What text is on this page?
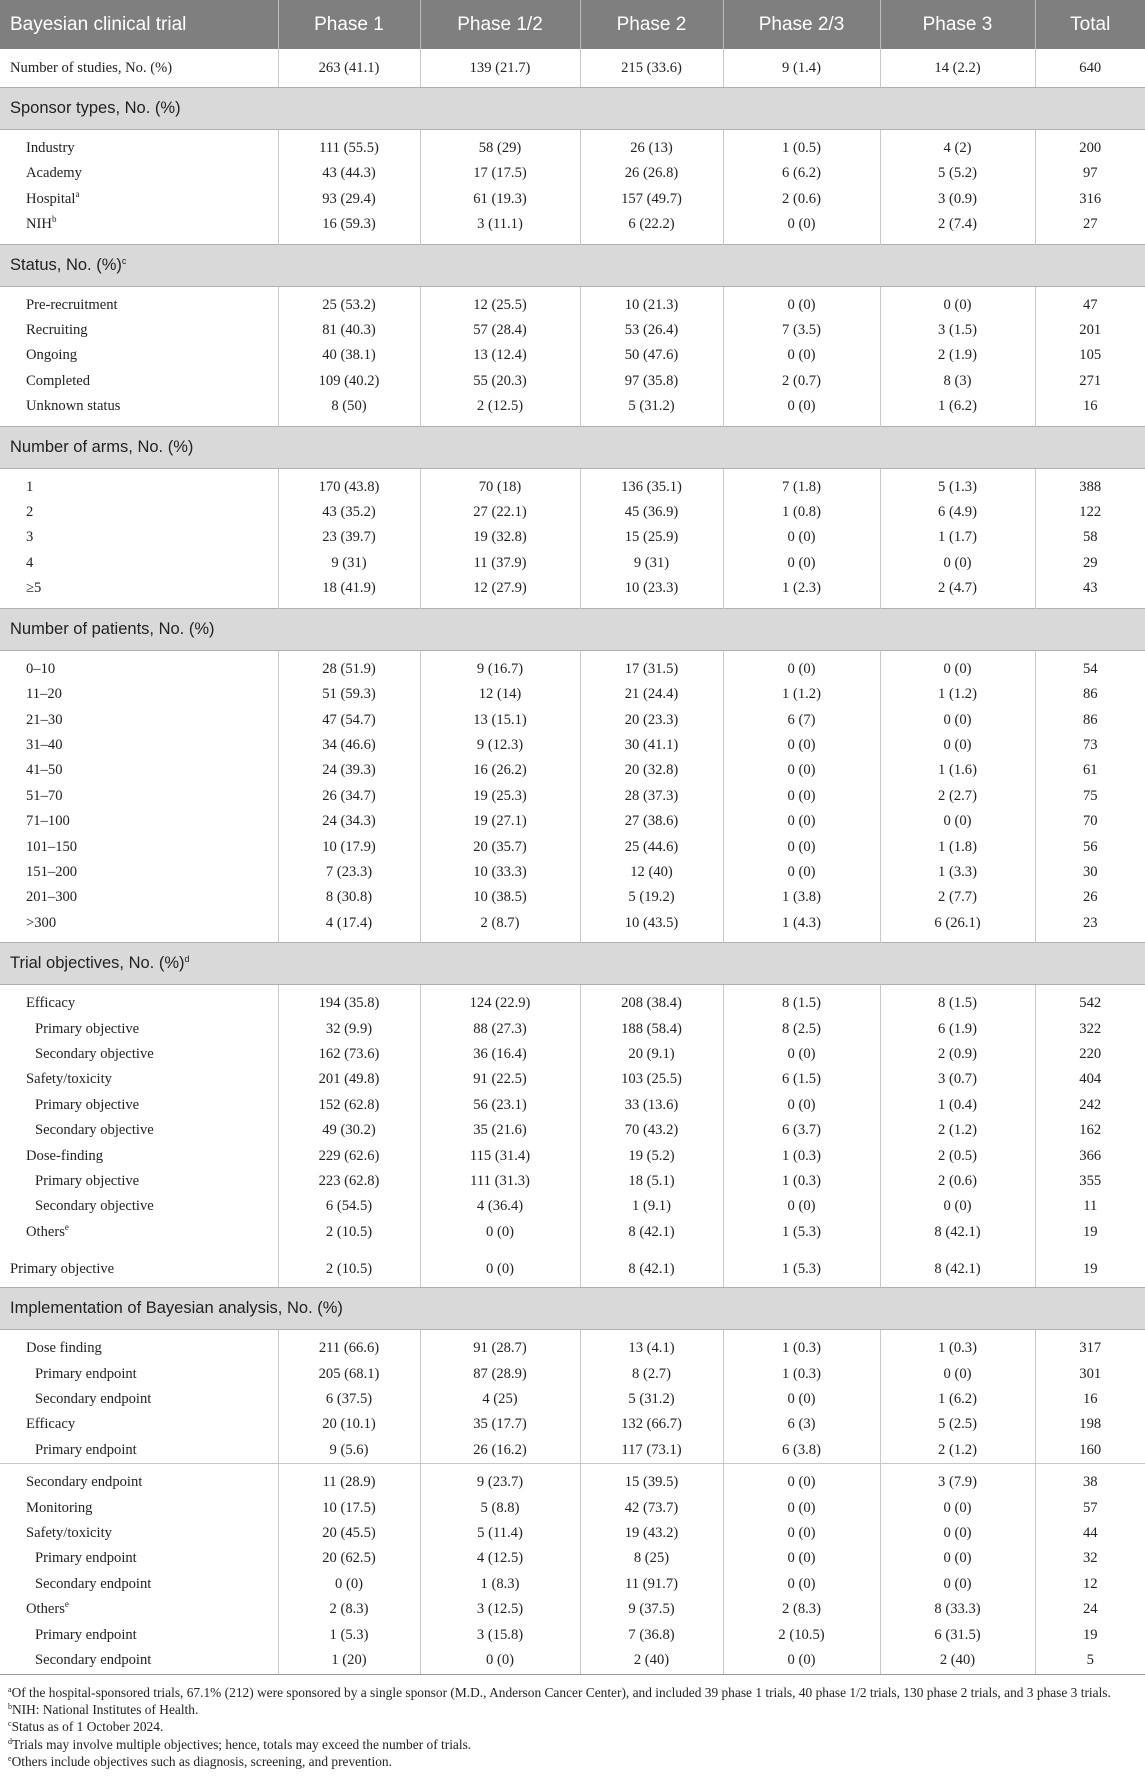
Bayesian clinical trial	Phase 1	Phase 1/2	Phase 2	Phase 2/3	Phase 3	Total
Number of studies, No. (%)	263 (41.1)	139 (21.7)	215 (33.6)	9 (1.4)	14 (2.2)	640
Sponsor types, No. (%)						
Industry	111 (55.5)	58 (29)	26 (13)	1 (0.5)	4 (2)	200
Academy	43 (44.3)	17 (17.5)	26 (26.8)	6 (6.2)	5 (5.2)	97
Hospital$^a$	93 (29.4)	61 (19.3)	157 (49.7)	2 (0.6)	3 (0.9)	316
NIH$^b$	16 (59.3)	3 (11.1)	6 (22.2)	0 (0)	2 (7.4)	27
Status, No. (%)$^c$
Pre-recruitment	25 (53.2)	12 (25.5)	10 (21.3)	0 (0)	0 (0)	47
Recruiting	81 (40.3)	57 (28.4)	53 (26.4)	7 (3.5)	3 (1.5)	201
Ongoing	40 (38.1)	13 (12.4)	50 (47.6)	0 (0)	2 (1.9)	105
Completed	109 (40.2)	55 (20.3)	97 (35.8)	2 (0.7)	8 (3)	271
Unknown status	8 (50)	2 (12.5)	5 (31.2)	0 (0)	1 (6.2)	16
Number of arms, No. (%)						
1	170 (43.8)	70 (18)	136 (35.1)	7 (1.8)	5 (1.3)	388
2	43 (35.2)	27 (22.1)	45 (36.9)	1 (0.8)	6 (4.9)	122
3	23 (39.7)	19 (32.8)	15 (25.9)	0 (0)	1 (1.7)	58
4	9 (31)	11 (37.9)	9 (31)	0 (0)	0 (0)	29
≥5	18 (41.9)	12 (27.9)	10 (23.3)	1 (2.3)	2 (4.7)	43
Number of patients, No. (%)						
0–10	28 (51.9)	9 (16.7)	17 (31.5)	0 (0)	0 (0)	54
11–20	51 (59.3)	12 (14)	21 (24.4)	1 (1.2)	1 (1.2)	86
21–30	47 (54.7)	13 (15.1)	20 (23.3)	6 (7)	0 (0)	86
31–40	34 (46.6)	9 (12.3)	30 (41.1)	0 (0)	0 (0)	73
41–50	24 (39.3)	16 (26.2)	20 (32.8)	0 (0)	1 (1.6)	61
51–70	26 (34.7)	19 (25.3)	28 (37.3)	0 (0)	2 (2.7)	75
71–100	24 (34.3)	19 (27.1)	27 (38.6)	0 (0)	0 (0)	70
101–150	10 (17.9)	20 (35.7)	25 (44.6)	0 (0)	1 (1.8)	56
151–200	7 (23.3)	10 (33.3)	12 (40)	0 (0)	1 (3.3)	30
201–300	8 (30.8)	10 (38.5)	5 (19.2)	1 (3.8)	2 (7.7)	26
>300	4 (17.4)	2 (8.7)	10 (43.5)	1 (4.3)	6 (26.1)	23
Trial objectives, No. (%)$^d$
Efficacy	194 (35.8)	124 (22.9)	208 (38.4)	8 (1.5)	8 (1.5)	542
Primary objective	32 (9.9)	88 (27.3)	188 (58.4)	8 (2.5)	6 (1.9)	322
Secondary objective	162 (73.6)	36 (16.4)	20 (9.1)	0 (0)	2 (0.9)	220
Safety/toxicity	201 (49.8)	91 (22.5)	103 (25.5)	6 (1.5)	3 (0.7)	404
Primary objective	152 (62.8)	56 (23.1)	33 (13.6)	0 (0)	1 (0.4)	242
Secondary objective	49 (30.2)	35 (21.6)	70 (43.2)	6 (3.7)	2 (1.2)	162
Dose-finding	229 (62.6)	115 (31.4)	19 (5.2)	1 (0.3)	2 (0.5)	366
Primary objective	223 (62.8)	111 (31.3)	18 (5.1)	1 (0.3)	2 (0.6)	355
Secondary objective	6 (54.5)	4 (36.4)	1 (9.1)	0 (0)	0 (0)	11
Others$^e$	2 (10.5)	0 (0)	8 (42.1)	1 (5.3)	8 (42.1)	19
Primary objective	2 (10.5)	0 (0)	8 (42.1)	1 (5.3)	8 (42.1)	19
Implementation of Bayesian analysis, No. (%)						
Dose finding	211 (66.6)	91 (28.7)	13 (4.1)	1 (0.3)	1 (0.3)	317
Primary endpoint	205 (68.1)	87 (28.9)	8 (2.7)	1 (0.3)	0 (0)	301
Secondary endpoint	6 (37.5)	4 (25)	5 (31.2)	0 (0)	1 (6.2)	16
Efficacy	20 (10.1)	35 (17.7)	132 (66.7)	6 (3)	5 (2.5)	198
Primary endpoint	9 (5.6)	26 (16.2)	117 (73.1)	6 (3.8)	2 (1.2)	160
Secondary endpoint	11 (28.9)	9 (23.7)	15 (39.5)	0 (0)	3 (7.9)	38
Monitoring	10 (17.5)	5 (8.8)	42 (73.7)	0 (0)	0 (0)	57
Safety/toxicity	20 (45.5)	5 (11.4)	19 (43.2)	0 (0)	0 (0)	44
Primary endpoint	20 (62.5)	4 (12.5)	8 (25)	0 (0)	0 (0)	32
Secondary endpoint	0 (0)	1 (8.3)	11 (91.7)	0 (0)	0 (0)	12
Others$^e$	2 (8.3)	3 (12.5)	9 (37.5)	2 (8.3)	8 (33.3)	24
Primary endpoint	1 (5.3)	3 (15.8)	7 (36.8)	2 (10.5)	6 (31.5)	19
Secondary endpoint	1 (20)	0 (0)	2 (40)	0 (0)	2 (40)	5
$^a$Of the hospital-sponsored trials, 67.1% (212) were sponsored by a single sponsor (M.D., Anderson Cancer Center), and included 39 phase 1 trials, 40 phase 1/2 trials, 130 phase 2 trials, and 3 phase 3 trials.
$^b$NIH: National Institutes of Health.
$^c$Status as of 1 October 2024.
$^d$Trials may involve multiple objectives; hence, totals may exceed the number of trials.
$^e$Others include objectives such as diagnosis, screening, and prevention.
